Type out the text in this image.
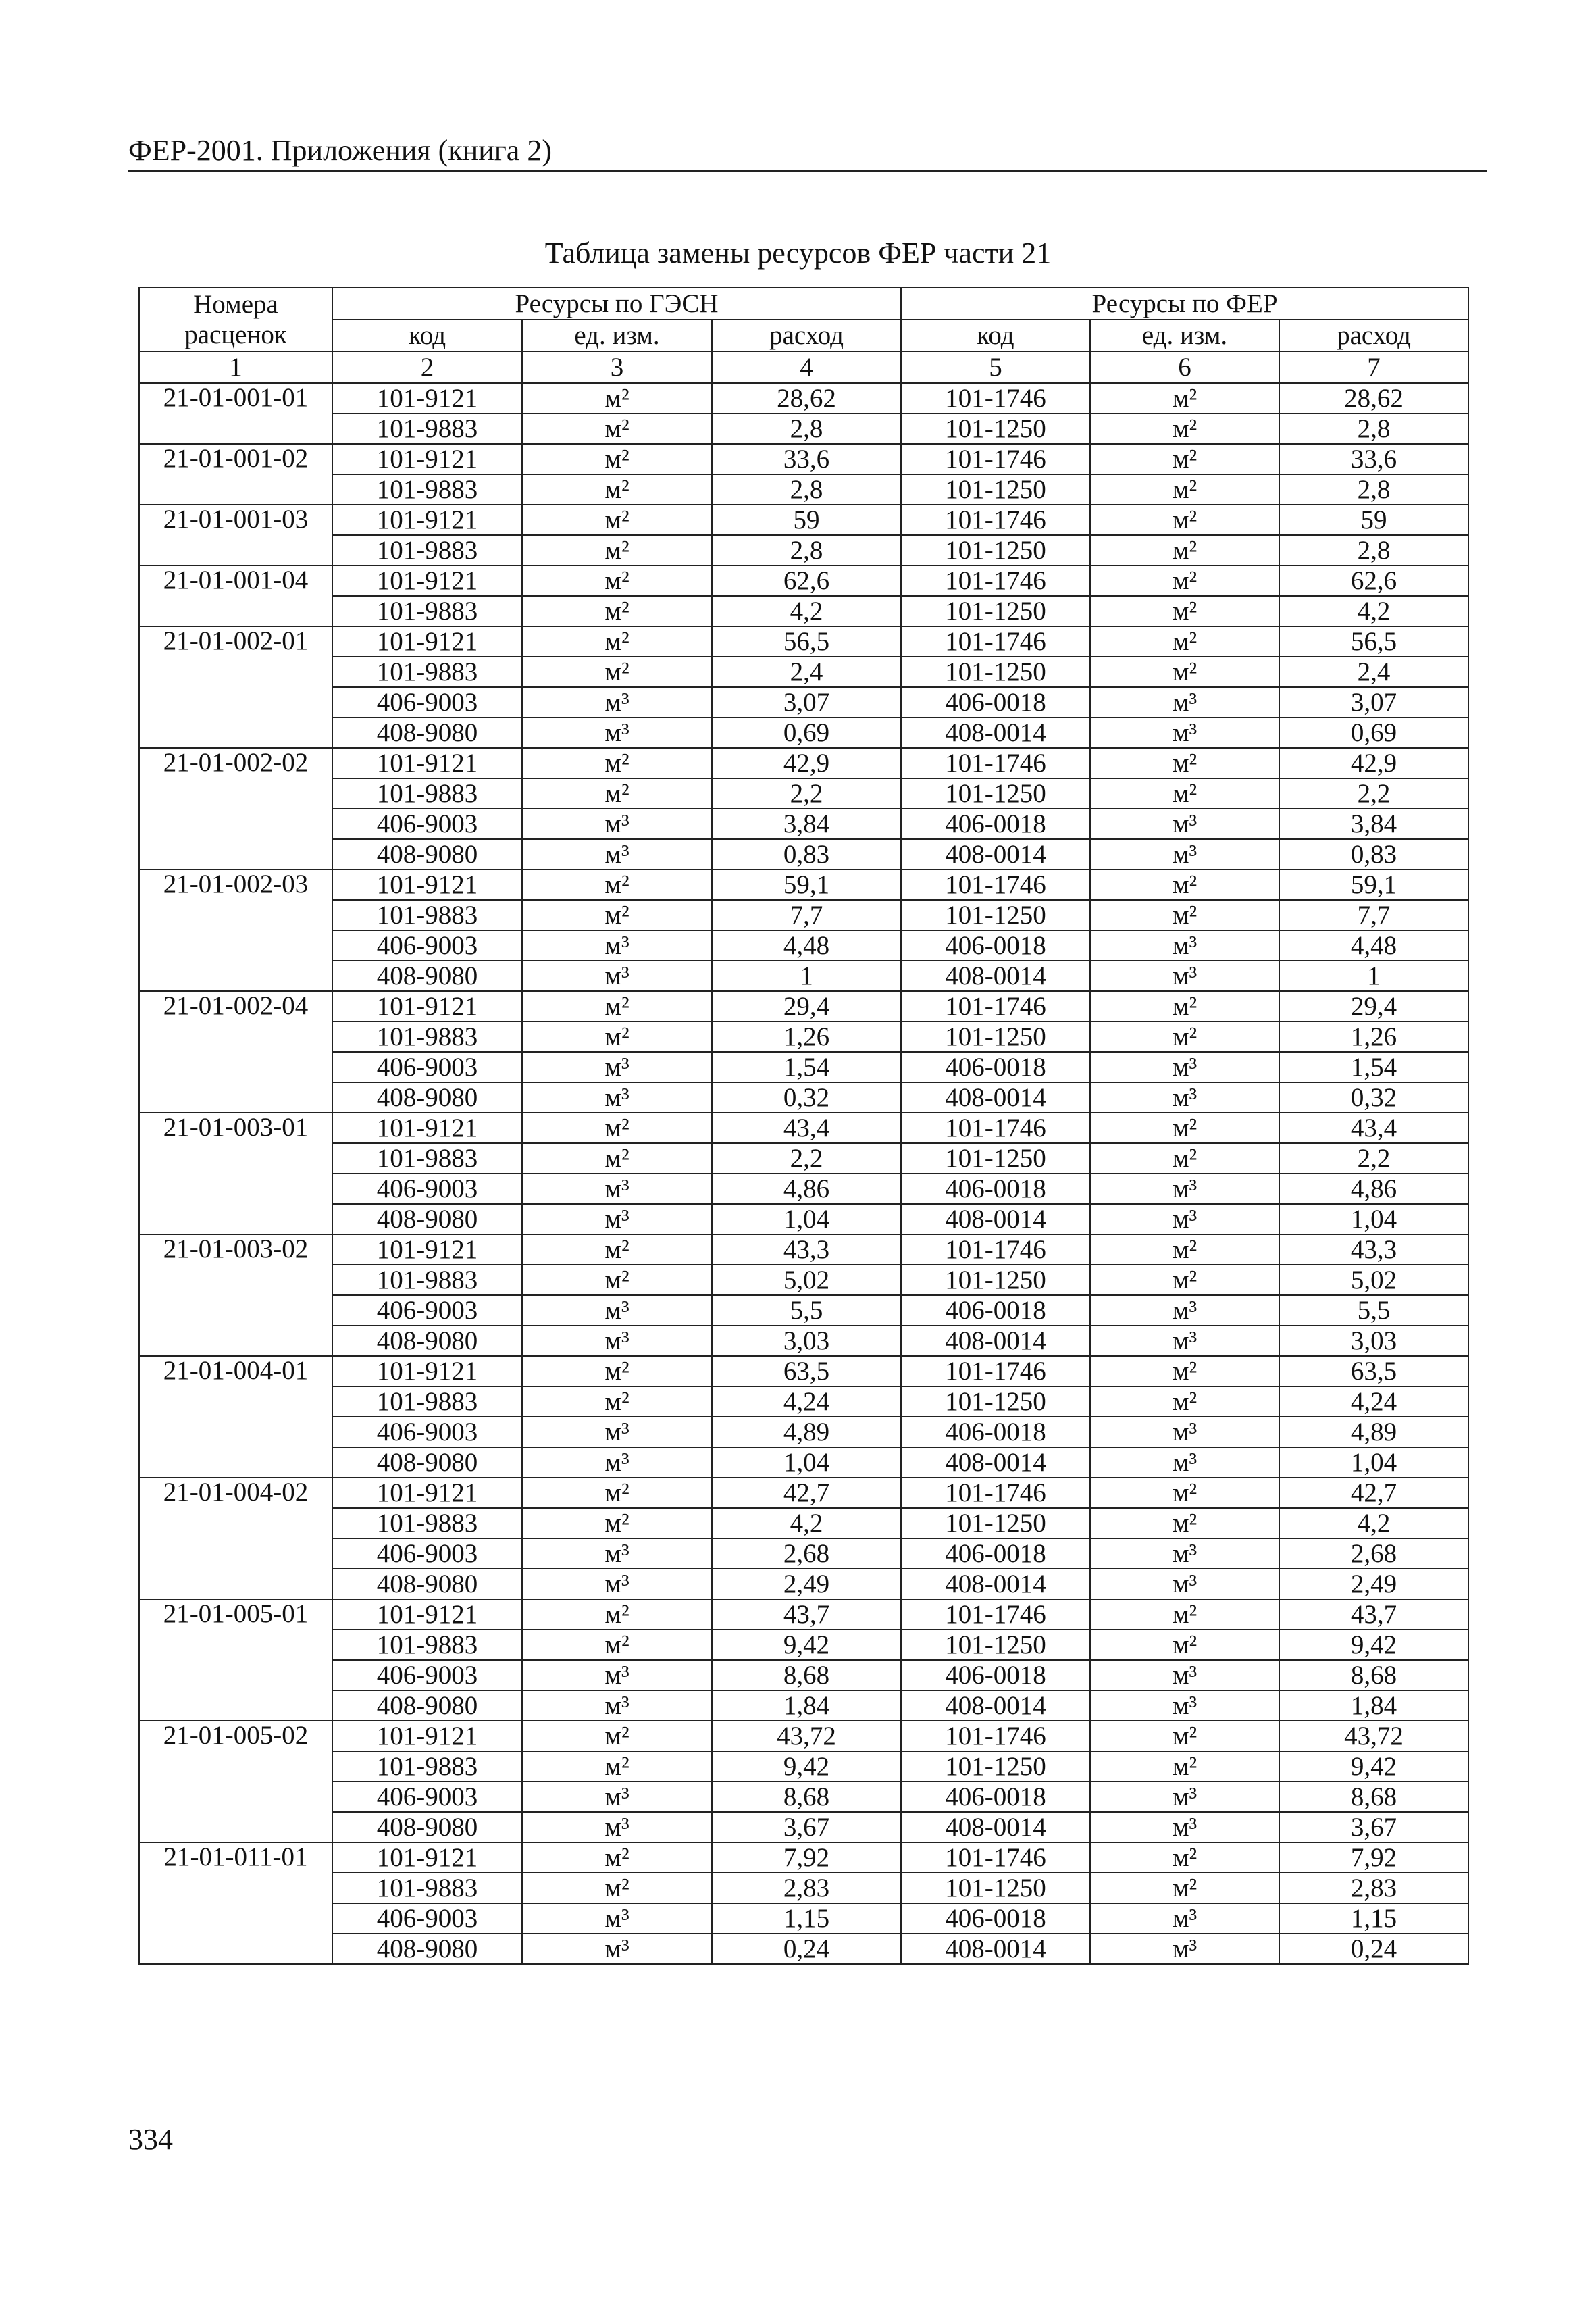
ФЕР-2001. Приложения (книга 2)
Таблица замены ресурсов ФЕР части 21
Номера расценок	Ресурсы по ГЭСН			Ресурсы по ФЕР		
	код	ед. изм.	расход	код	ед. изм.	расход
1	2	3	4	5	6	7
21-01-001-01	101-9121	м²	28,62	101-1746	м²	28,62
	101-9883	м²	2,8	101-1250	м²	2,8
21-01-001-02	101-9121	м²	33,6	101-1746	м²	33,6
	101-9883	м²	2,8	101-1250	м²	2,8
21-01-001-03	101-9121	м²	59	101-1746	м²	59
	101-9883	м²	2,8	101-1250	м²	2,8
21-01-001-04	101-9121	м²	62,6	101-1746	м²	62,6
	101-9883	м²	4,2	101-1250	м²	4,2
21-01-002-01	101-9121	м²	56,5	101-1746	м²	56,5
	101-9883	м²	2,4	101-1250	м²	2,4
	406-9003	м³	3,07	406-0018	м³	3,07
	408-9080	м³	0,69	408-0014	м³	0,69
21-01-002-02	101-9121	м²	42,9	101-1746	м²	42,9
	101-9883	м²	2,2	101-1250	м²	2,2
	406-9003	м³	3,84	406-0018	м³	3,84
	408-9080	м³	0,83	408-0014	м³	0,83
21-01-002-03	101-9121	м²	59,1	101-1746	м²	59,1
	101-9883	м²	7,7	101-1250	м²	7,7
	406-9003	м³	4,48	406-0018	м³	4,48
	408-9080	м³	1	408-0014	м³	1
21-01-002-04	101-9121	м²	29,4	101-1746	м²	29,4
	101-9883	м²	1,26	101-1250	м²	1,26
	406-9003	м³	1,54	406-0018	м³	1,54
	408-9080	м³	0,32	408-0014	м³	0,32
21-01-003-01	101-9121	м²	43,4	101-1746	м²	43,4
	101-9883	м²	2,2	101-1250	м²	2,2
	406-9003	м³	4,86	406-0018	м³	4,86
	408-9080	м³	1,04	408-0014	м³	1,04
21-01-003-02	101-9121	м²	43,3	101-1746	м²	43,3
	101-9883	м²	5,02	101-1250	м²	5,02
	406-9003	м³	5,5	406-0018	м³	5,5
	408-9080	м³	3,03	408-0014	м³	3,03
21-01-004-01	101-9121	м²	63,5	101-1746	м²	63,5
	101-9883	м²	4,24	101-1250	м²	4,24
	406-9003	м³	4,89	406-0018	м³	4,89
	408-9080	м³	1,04	408-0014	м³	1,04
21-01-004-02	101-9121	м²	42,7	101-1746	м²	42,7
	101-9883	м²	4,2	101-1250	м²	4,2
	406-9003	м³	2,68	406-0018	м³	2,68
	408-9080	м³	2,49	408-0014	м³	2,49
21-01-005-01	101-9121	м²	43,7	101-1746	м²	43,7
	101-9883	м²	9,42	101-1250	м²	9,42
	406-9003	м³	8,68	406-0018	м³	8,68
	408-9080	м³	1,84	408-0014	м³	1,84
21-01-005-02	101-9121	м²	43,72	101-1746	м²	43,72
	101-9883	м²	9,42	101-1250	м²	9,42
	406-9003	м³	8,68	406-0018	м³	8,68
	408-9080	м³	3,67	408-0014	м³	3,67
21-01-011-01	101-9121	м²	7,92	101-1746	м²	7,92
	101-9883	м²	2,83	101-1250	м²	2,83
	406-9003	м³	1,15	406-0018	м³	1,15
	408-9080	м³	0,24	408-0014	м³	0,24
334
